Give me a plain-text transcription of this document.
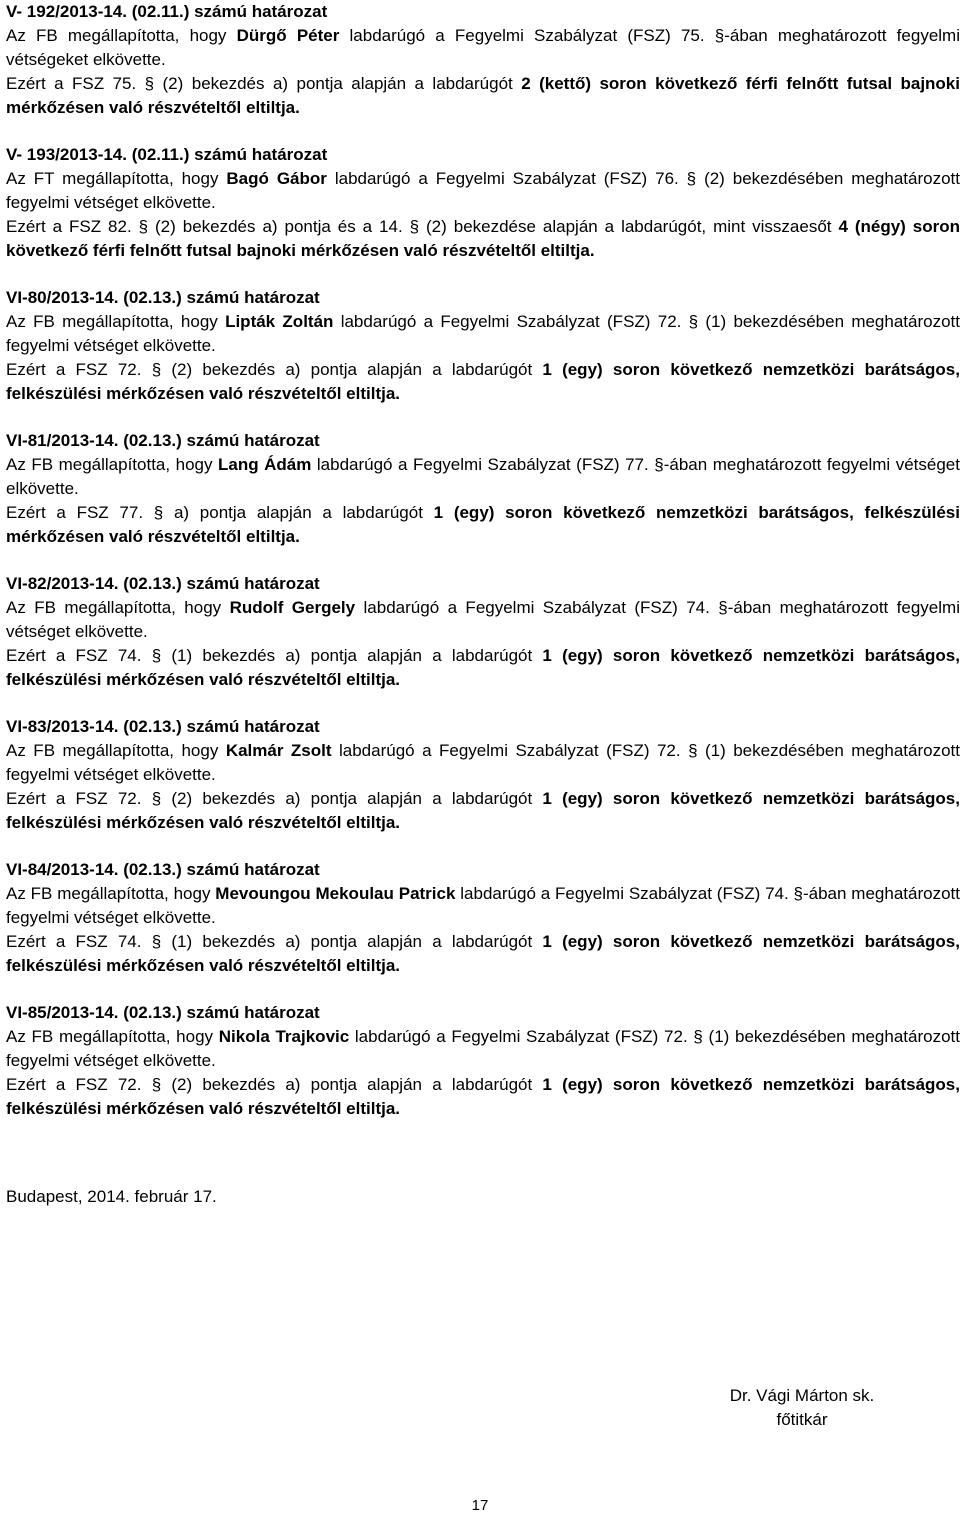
V- 192/2013-14. (02.11.) számú határozat
Az FB megállapította, hogy Dürgő Péter labdarúgó a Fegyelmi Szabályzat (FSZ) 75. §-ában meghatározott fegyelmi vétségeket elkövette.
Ezért a FSZ 75. § (2) bekezdés a) pontja alapján a labdarúgót 2 (kettő) soron következő férfi felnőtt futsal bajnoki mérkőzésen való részvételtől eltiltja.
V- 193/2013-14. (02.11.) számú határozat
Az FT megállapította, hogy Bagó Gábor labdarúgó a Fegyelmi Szabályzat (FSZ) 76. § (2) bekezdésében meghatározott fegyelmi vétséget elkövette.
Ezért a FSZ 82. § (2) bekezdés a) pontja és a 14. § (2) bekezdése alapján a labdarúgót, mint visszaesőt 4 (négy) soron következő férfi felnőtt futsal bajnoki mérkőzésen való részvételtől eltiltja.
VI-80/2013-14. (02.13.) számú határozat
Az FB megállapította, hogy Lipták Zoltán labdarúgó a Fegyelmi Szabályzat (FSZ) 72. § (1) bekezdésében meghatározott fegyelmi vétséget elkövette.
Ezért a FSZ 72. § (2) bekezdés a) pontja alapján a labdarúgót 1 (egy) soron következő nemzetközi barátságos, felkészülési mérkőzésen való részvételtől eltiltja.
VI-81/2013-14. (02.13.) számú határozat
Az FB megállapította, hogy Lang Ádám labdarúgó a Fegyelmi Szabályzat (FSZ) 77. §-ában meghatározott fegyelmi vétséget elkövette.
Ezért a FSZ 77. § a) pontja alapján a labdarúgót 1 (egy) soron következő nemzetközi barátságos, felkészülési mérkőzésen való részvételtől eltiltja.
VI-82/2013-14. (02.13.) számú határozat
Az FB megállapította, hogy Rudolf Gergely labdarúgó a Fegyelmi Szabályzat (FSZ) 74. §-ában meghatározott fegyelmi vétséget elkövette.
Ezért a FSZ 74. § (1) bekezdés a) pontja alapján a labdarúgót 1 (egy) soron következő nemzetközi barátságos, felkészülési mérkőzésen való részvételtől eltiltja.
VI-83/2013-14. (02.13.) számú határozat
Az FB megállapította, hogy Kalmár Zsolt labdarúgó a Fegyelmi Szabályzat (FSZ) 72. § (1) bekezdésében meghatározott fegyelmi vétséget elkövette.
Ezért a FSZ 72. § (2) bekezdés a) pontja alapján a labdarúgót 1 (egy) soron következő nemzetközi barátságos, felkészülési mérkőzésen való részvételtől eltiltja.
VI-84/2013-14. (02.13.) számú határozat
Az FB megállapította, hogy Mevoungou Mekoulau Patrick labdarúgó a Fegyelmi Szabályzat (FSZ) 74. §-ában meghatározott fegyelmi vétséget elkövette.
Ezért a FSZ 74. § (1) bekezdés a) pontja alapján a labdarúgót 1 (egy) soron következő nemzetközi barátságos, felkészülési mérkőzésen való részvételtől eltiltja.
VI-85/2013-14. (02.13.) számú határozat
Az FB megállapította, hogy Nikola Trajkovic labdarúgó a Fegyelmi Szabályzat (FSZ) 72. § (1) bekezdésében meghatározott fegyelmi vétséget elkövette.
Ezért a FSZ 72. § (2) bekezdés a) pontja alapján a labdarúgót 1 (egy) soron következő nemzetközi barátságos, felkészülési mérkőzésen való részvételtől eltiltja.
Budapest, 2014. február 17.
Dr. Vági Márton sk.
főtitkár
17
